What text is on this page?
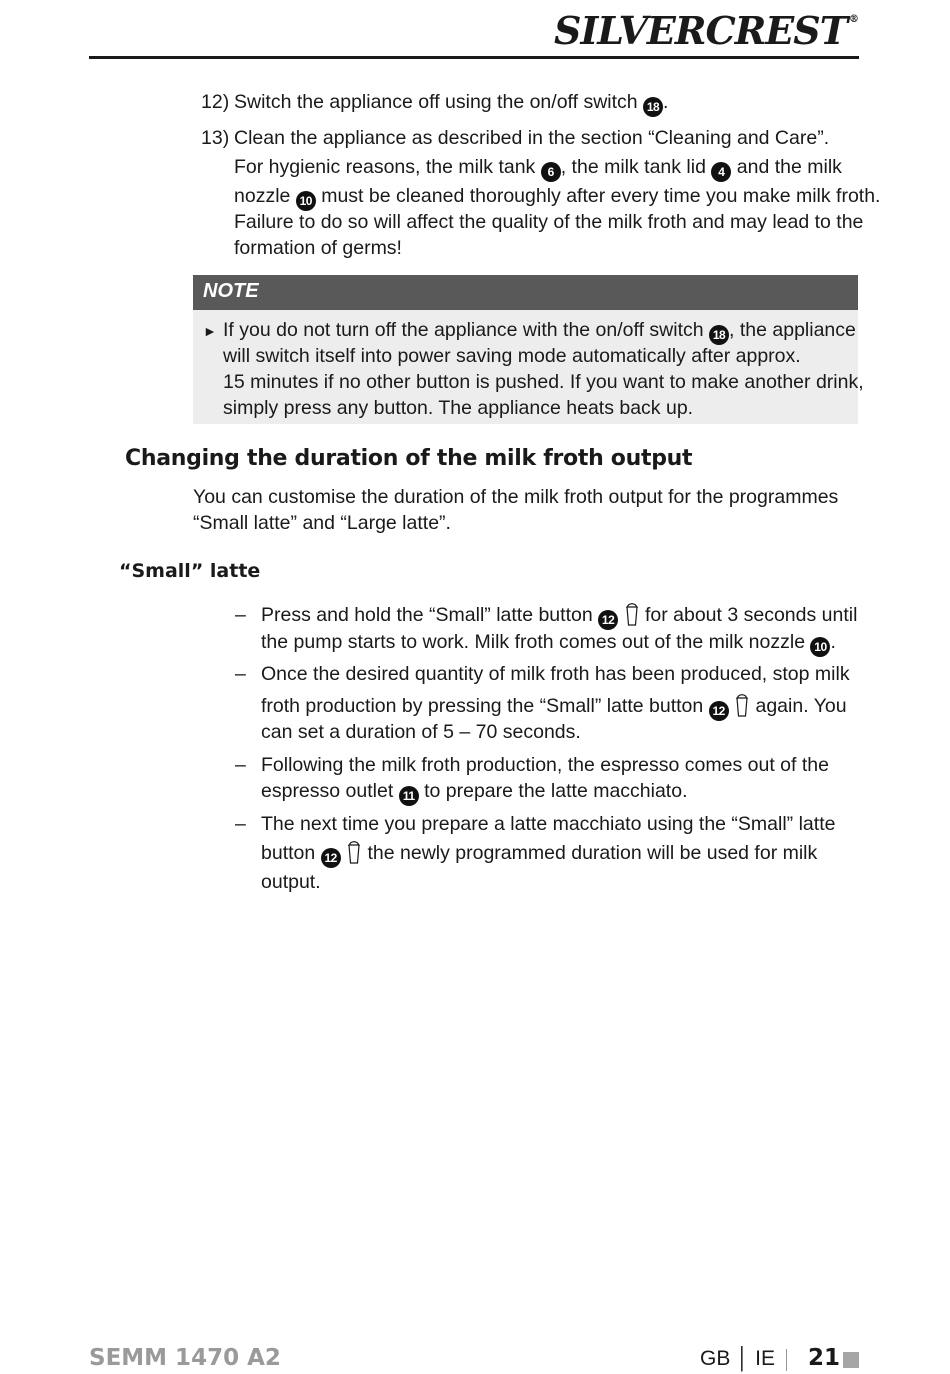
SILVERCREST ®
12) Switch the appliance off using the on/off switch 18 .
13) Clean the appliance as described in the section “Cleaning and Care”.
For hygienic reasons, the milk tank 6 , the milk tank lid 4 and the milk
nozzle 10 must be cleaned thoroughly after every time you make milk froth.
Failure to do so will affect the quality of the milk froth and may lead to the
formation of germs!
NOTE
► If you do not turn off the appliance with the on/off switch 18 , the appliance
will switch itself into power saving mode automatically after approx.
15 minutes if no other button is pushed. If you want to make another drink,
simply press any button. The appliance heats back up.
Changing the duration of the milk froth output
You can customise the duration of the milk froth output for the programmes
“Small latte” and “Large latte”.
“Small” latte
– Press and hold the “Small” latte button 12  for about 3 seconds until
the pump starts to work. Milk froth comes out of the milk nozzle 10 .
– Once the desired quantity of milk froth has been produced, stop milk
froth production by pressing the “Small” latte button 12  again. You
can set a duration of 5 – 70 seconds.
– Following the milk froth production, the espresso comes out of the
espresso outlet 11 to prepare the latte macchiato.
– The next time you prepare a latte macchiato using the “Small” latte
button 12  the newly programmed duration will be used for milk
output.
SEMM 1470 A2	GB │ IE 21
